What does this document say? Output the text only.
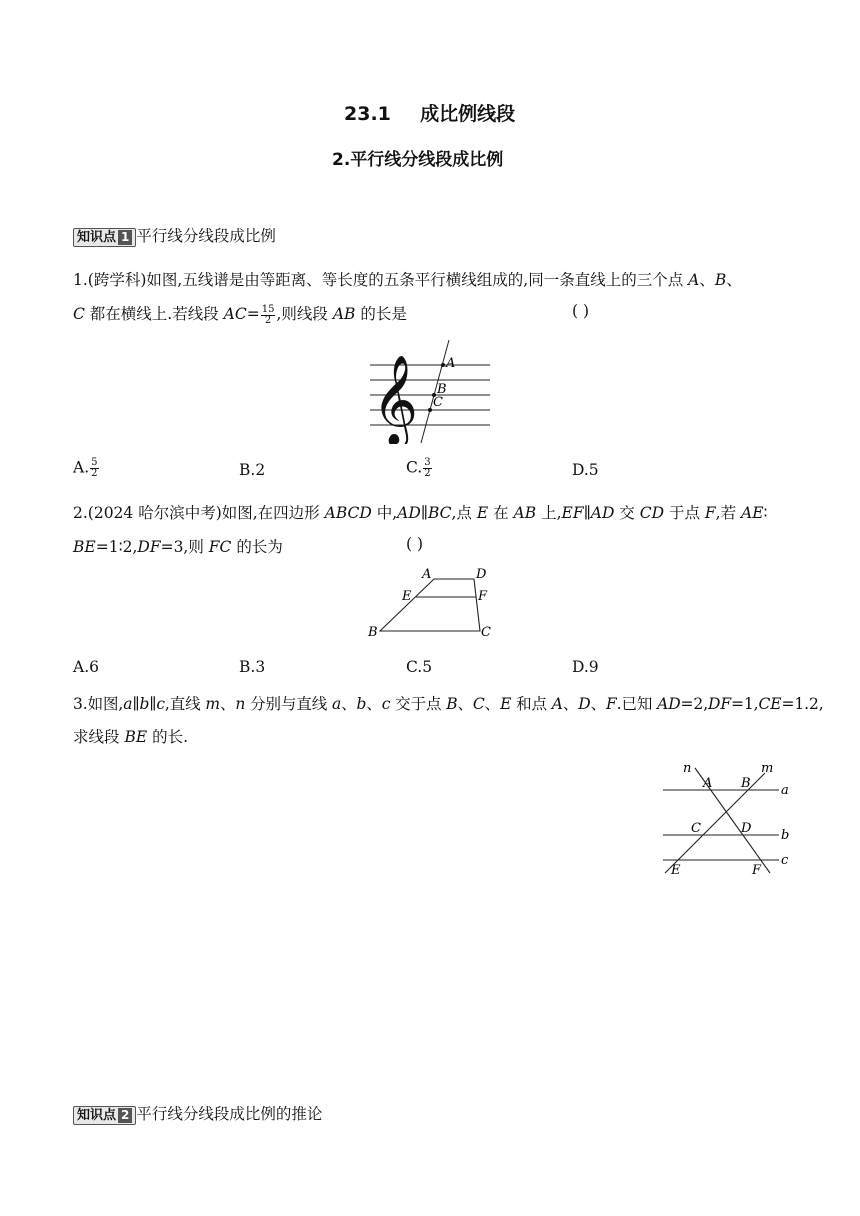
23.1 成比例线段
2.平行线分线段成比例
知识点 1 平行线分线段成比例
1.(跨学科)如图,五线谱是由等距离、等长度的五条平行横线组成的,同一条直线上的三个点 A、B、
C 都在横线上.若线段 $AC= \frac{15}{2}$ ,则线段 AB 的长是	( )
𝄞 A
B
C
A. $\frac{5}{2}$	B.2	C. $\frac{3}{2}$	D.5
2.(2024 哈尔滨中考)如图,在四边形 ABCD 中,AD∥BC,点 E 在 AB 上,EF∥AD 交 CD 于点 F,若 AE∶
BE=1∶2,DF=3,则 FC 的长为	( )
A	D
E	F
B	C
A.6	B.3	C.5	D.9
3.如图,a∥b∥c,直线 m、n 分别与直线 a、b、c 交于点 B、C、E 和点 A、D、F.已知 AD=2,DF=1,CE=1.2,
求线段 BE 的长.
n
A B
m
a
C	D b
c
E	F
知识点 2 平行线分线段成比例的推论
